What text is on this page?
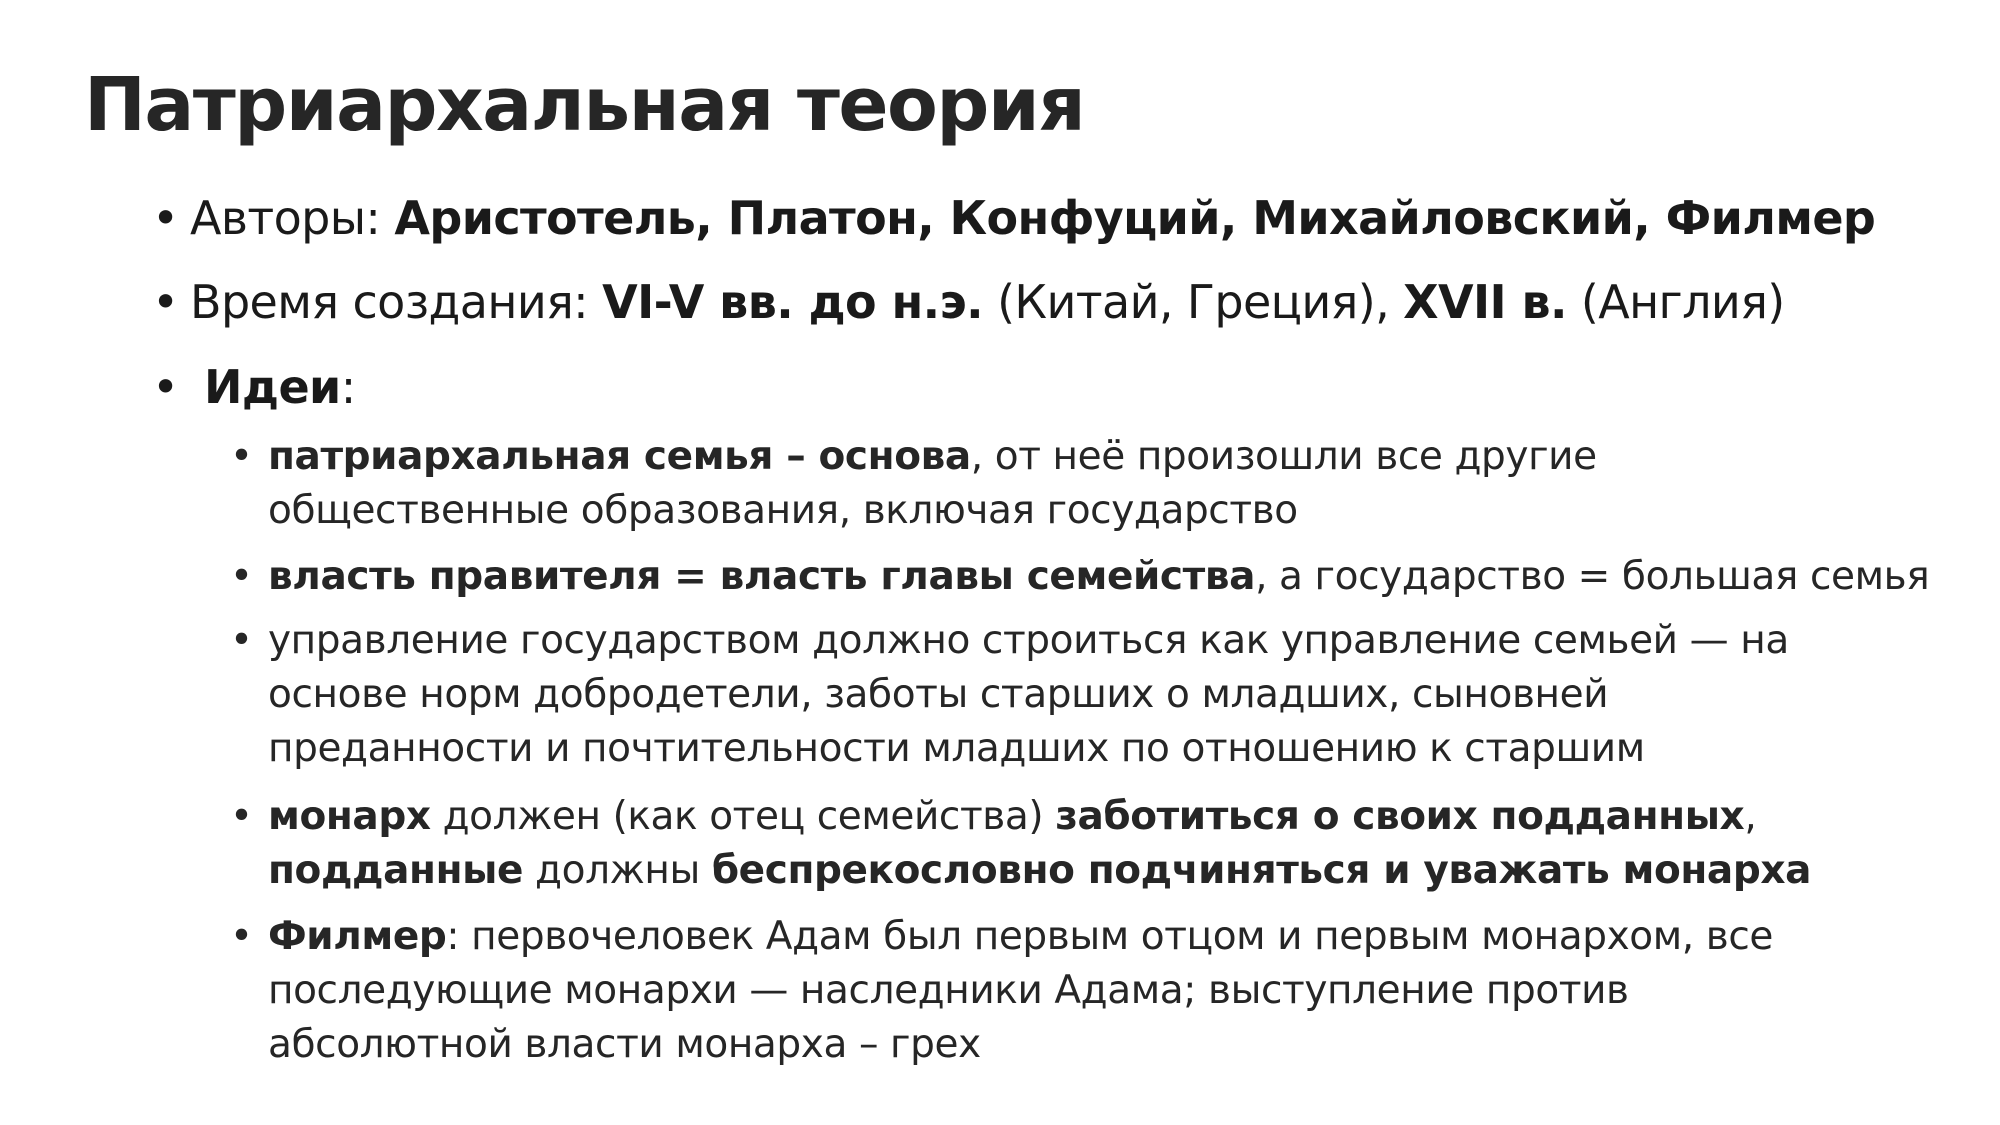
Патриархальная теория
• Авторы: Аристотель, Платон, Конфуций, Михайловский, Филмер
• Время создания: VI-V вв. до н.э. (Китай, Греция), XVII в. (Англия)
• Идеи:
• патриархальная семья – основа, от неё произошли все другие
общественные образования, включая государство
• власть правителя = власть главы семейства, а государство = большая семья
• управление государством должно строиться как управление семьей — на
основе норм добродетели, заботы старших о младших, сыновней
преданности и почтительности младших по отношению к старшим
• монарх должен (как отец семейства) заботиться о своих подданных,
подданные должны беспрекословно подчиняться и уважать монарха
• Филмер: первочеловек Адам был первым отцом и первым монархом, все
последующие монархи — наследники Адама; выступление против
абсолютной власти монарха – грех
